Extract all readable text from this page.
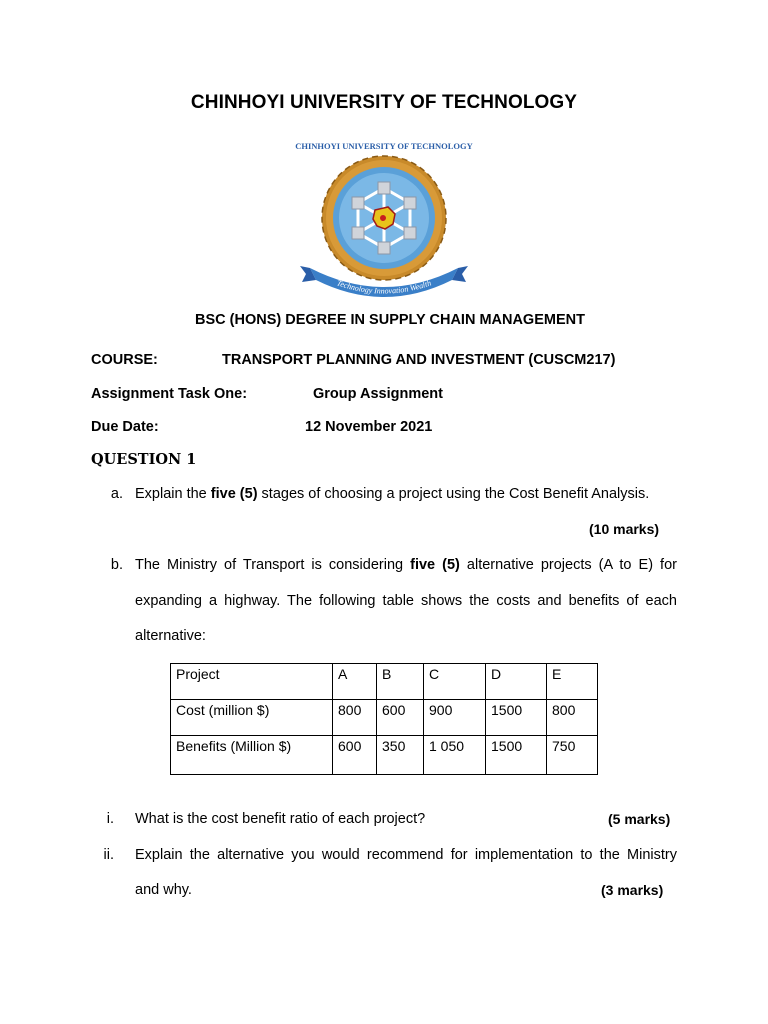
CHINHOYI UNIVERSITY OF TECHNOLOGY
CHINHOYI UNIVERSITY OF TECHNOLOGY
Technology Innovation Wealth
BSC (HONS) DEGREE IN SUPPLY CHAIN MANAGEMENT
COURSE:	TRANSPORT PLANNING AND INVESTMENT (CUSCM217)
Assignment Task One:	Group Assignment
Due Date:	12 November 2021
QUESTION 1
a. Explain the five (5) stages of choosing a project using the Cost Benefit Analysis.
(10 marks)
b. The Ministry of Transport is considering five (5) alternative projects (A to E) for
expanding a highway. The following table shows the costs and benefits of each
alternative:
Project	A	B	C	D	E
Cost (million $)	800	600	900	1500	800
Benefits (Million $)	600	350	1 050	1500	750
i. What is the cost benefit ratio of each project?	(5 marks)
ii. Explain the alternative you would recommend for implementation to the Ministry
and why.	(3 marks)
